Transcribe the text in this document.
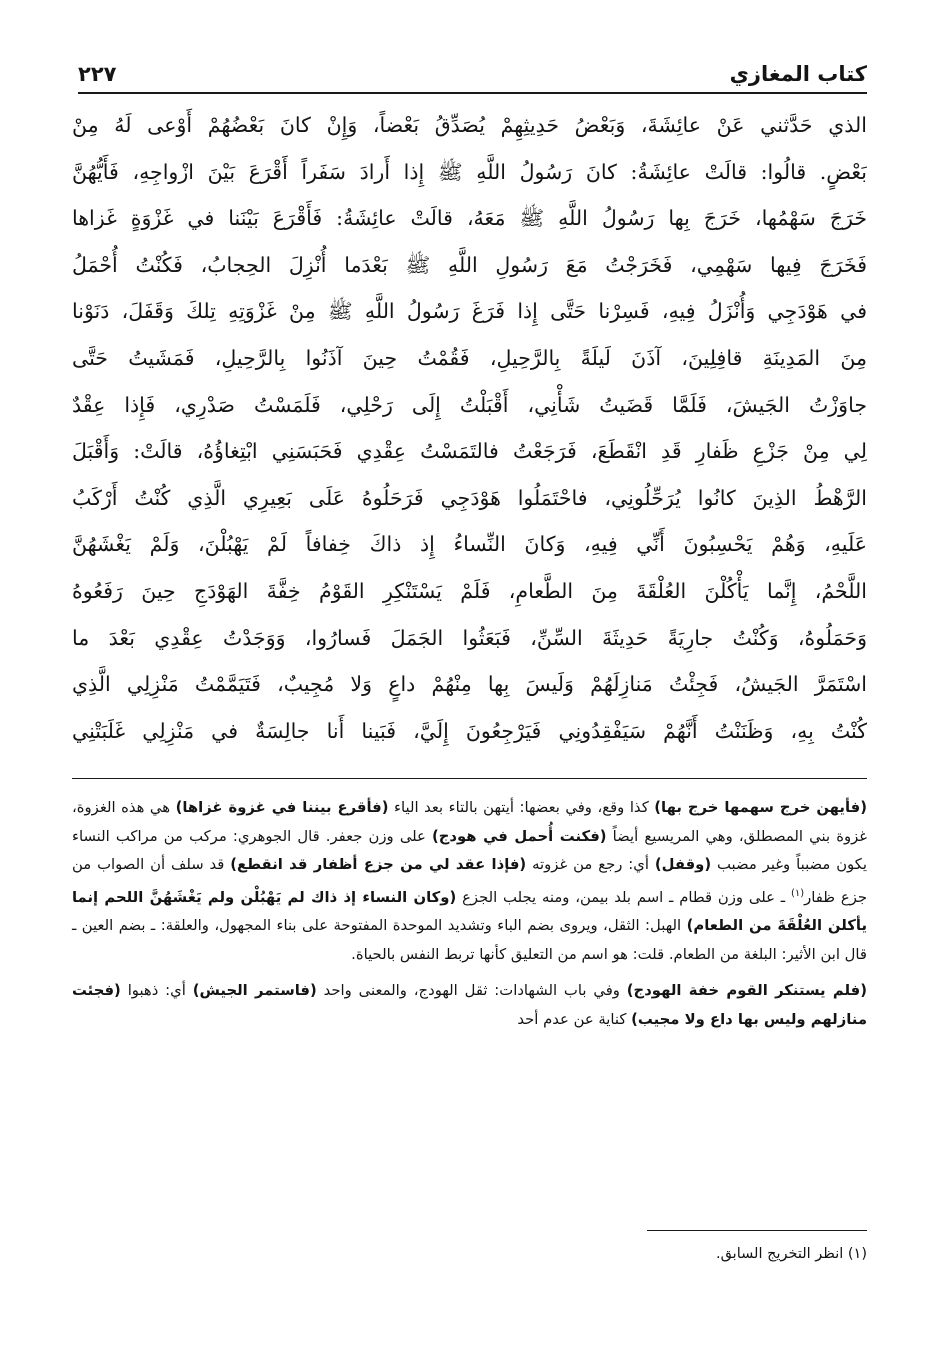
كتاب المغازي
٢٢٧
الذي حَدَّثني عَنْ عائِشَةَ، وَبَعْضُ حَدِيثِهِمْ يُصَدِّقُ بَعْضاً، وَإِنْ كانَ بَعْضُهُمْ أَوْعى لَهُ مِنْ
بَعْضٍ. قالُوا: قالَتْ عائِشَةُ: كانَ رَسُولُ اللَّهِ ﷺ إِذا أَرادَ سَفَراً أَقْرَعَ بَيْنَ ازْواجِهِ، فَأَيُّهُنَّ
خَرَجَ سَهْمُها، خَرَجَ بِها رَسُولُ اللَّهِ ﷺ مَعَهُ، قالَتْ عائِشَةُ: فَأَقْرَعَ بَيْنَنا في غَزْوَةٍ غَزاها
فَخَرَجَ فِيها سَهْمِي، فَخَرَجْتُ مَعَ رَسُولِ اللَّهِ ﷺ بَعْدَما أُنْزِلَ الحِجابُ، فَكُنْتُ أُحْمَلُ
في هَوْدَجِي وَأُنْزَلُ فِيهِ، فَسِرْنا حَتَّى إِذا فَرَغَ رَسُولُ اللَّهِ ﷺ مِنْ غَزْوَتِهِ تِلكَ وَقَفَلَ، دَنَوْنا
مِنَ المَدِينَةِ قافِلِينَ، آذَنَ لَيلَةً بِالرَّحِيلِ، فَقُمْتُ حِينَ آذَنُوا بِالرَّحِيلِ، فَمَشَيتُ حَتَّى
جاوَزْتُ الجَيشَ، فَلَمَّا قَضَيتُ شَأْنِي، أَقْبَلْتُ إِلَى رَحْلِي، فَلَمَسْتُ صَدْرِي، فَإِذا عِقْدٌ
لِي مِنْ جَزْعِ ظَفارِ قَدِ انْقَطَعَ، فَرَجَعْتُ فالتَمَسْتُ عِقْدِي فَحَبَسَنِي ابْتِغاؤُهُ، قالَتْ: وَأَقْبَلَ
الرَّهْطُ الذِينَ كانُوا يُرَحِّلُونِي، فاحْتَمَلُوا هَوْدَجِي فَرَحَلُوهُ عَلَى بَعِيرِي الَّذِي كُنْتُ أَرْكَبُ
عَلَيهِ، وَهُمْ يَحْسِبُونَ أَنِّي فِيهِ، وَكانَ النِّساءُ إِذ ذاكَ خِفافاً لَمْ يَهْبُلْنَ، وَلَمْ يَغْشَهُنَّ
اللَّحْمُ، إِنَّما يَأْكُلْنَ العُلْقَةَ مِنَ الطَّعامِ، فَلَمْ يَسْتَنْكِرِ القَوْمُ خِفَّةَ الهَوْدَجِ حِينَ رَفَعُوهُ
وَحَمَلُوهُ، وَكُنْتُ جارِيَةً حَدِيثَةَ السِّنِّ، فَبَعَثُوا الجَمَلَ فَسارُوا، وَوَجَدْتُ عِقْدِي بَعْدَ ما
اسْتَمَرَّ الجَيشُ، فَجِئْتُ مَنازِلَهُمْ وَلَيسَ بِها مِنْهُمْ داعٍ وَلا مُجِيبٌ، فَتَيَمَّمْتُ مَنْزِلِي الَّذِي
كُنْتُ بِهِ، وَظَنَنْتُ أَنَّهُمْ سَيَفْقِدُونِي فَيَرْجِعُونَ إِلَيَّ، فَبَينا أَنا جالِسَةٌ في مَنْزِلِي غَلَبَتْنِي

(فأيهن خرج سهمها خرج بها) كذا وقع، وفي بعضها: أيتهن بالتاء بعد الياء (فأقرع بيننا في غزوة غزاها) هي هذه الغزوة، غزوة بني المصطلق، وهي المريسيع أيضاً (فكنت أُحمل في هودج) على وزن جعفر. قال الجوهري: مركب من مراكب النساء يكون مضبباً وغير مضبب (وقفل) أي: رجع من غزوته (فإذا عقد لي من جزع أظفار قد انقطع) قد سلف أن الصواب من جزع ظفار$^{(١)}$ ـ على وزن قطام ـ اسم بلد بيمن، ومنه يجلب الجزع (وكان النساء إذ ذاك لم يَهْبُلْن ولم يَغْشَهُنَّ اللحم إنما يأكلن العُلْقَةَ من الطعام) الهبل: الثقل، ويروى بضم الباء وتشديد الموحدة المفتوحة على بناء المجهول، والعلقة: ـ بضم العين ـ قال ابن الأثير: البلغة من الطعام. قلت: هو اسم من التعليق كأنها تربط النفس بالحياة.

(فلم يستنكر القوم خفة الهودج) وفي باب الشهادات: ثقل الهودج، والمعنى واحد (فاستمر الجيش) أي: ذهبوا (فجئت منازلهم وليس بها داع ولا مجيب) كناية عن عدم أحد

(١) انظر التخريج السابق.
